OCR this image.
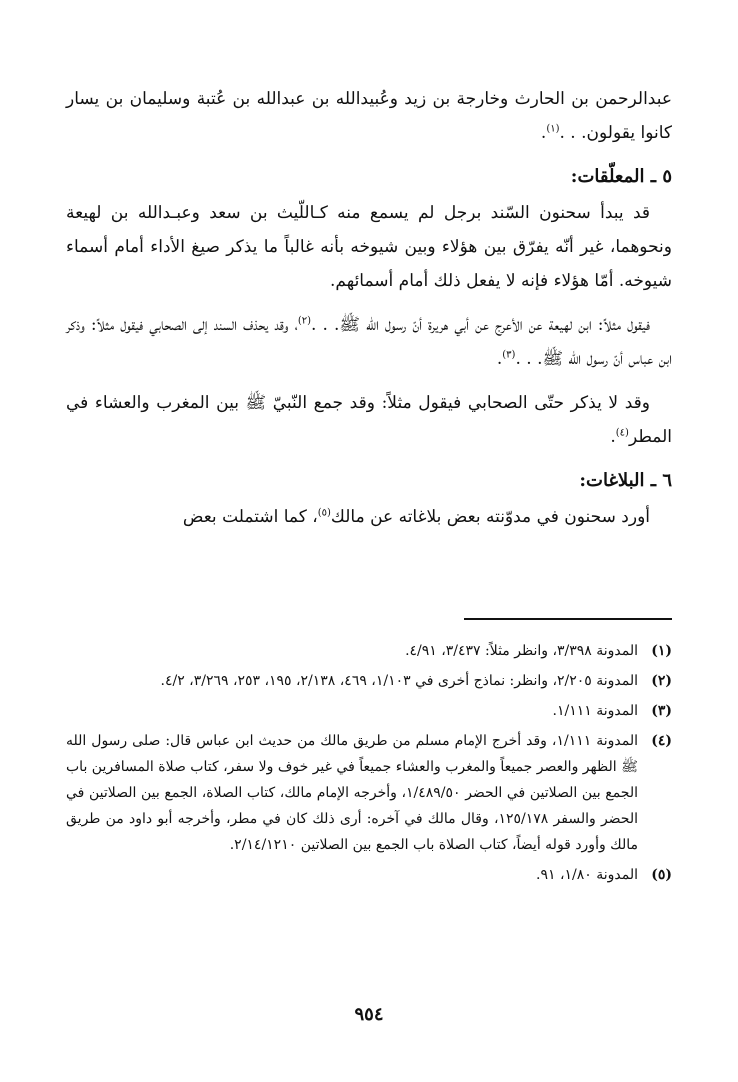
عبدالرحمن بن الحارث وخارجة بن زيد وعُبيدالله بن عبدالله بن عُتبة وسليمان بن يسار كانوا يقولون. . .$^{(١)}$.

٥ ـ المعلّقات:

قد يبدأ سحنون السّند برجل لم يسمع منه كـاللّيث بن سعد وعبـدالله بن لهيعة ونحوهما، غير أنّه يفرّق بين هؤلاء وبين شيوخه بأنه غالباً ما يذكر صيغ الأداء أمام أسماء شيوخه. أمّا هؤلاء فإنه لا يفعل ذلك أمام أسمائهم.

فيقول مثلاً: ابن لهيعة عن الأعرج عن أبي هريرة أنّ رسول الله ﷺ. . .$^{(٢)}$، وقد يحذف السند إلى الصحابي فيقول مثلاً: وذكر ابن عباس أنّ رسول الله ﷺ. . .$^{(٣)}$.

وقد لا يذكر حتّى الصحابي فيقول مثلاً: وقد جمع النّبيّ ﷺ بين المغرب والعشاء في المطر$^{(٤)}$.

٦ ـ البلاغات:

أورد سحنون في مدوّنته بعض بلاغاته عن مالك$^{(٥)}$، كما اشتملت بعض

(١)
المدونة ٣/٣٩٨، وانظر مثلاً: ٣/٤٣٧، ٤/٩١.
(٢)
المدونة ٢/٢٠٥، وانظر: نماذج أخرى في ١/١٠٣، ٤٦٩، ٢/١٣٨، ١٩٥، ٢٥٣، ٣/٢٦٩، ٤/٢.
(٣)
المدونة ١/١١١.
(٤)
المدونة ١/١١١، وقد أخرج الإمام مسلم من طريق مالك من حديث ابن عباس قال: صلى رسول الله ﷺ الظهر والعصر جميعاً والمغرب والعشاء جميعاً في غير خوف ولا سفر، كتاب صلاة المسافرين باب الجمع بين الصلاتين في الحضر ١/٤٨٩/٥٠، وأخرجه الإمام مالك، كتاب الصلاة، الجمع بين الصلاتين في الحضر والسفر ١٢٥/١٧٨، وقال مالك في آخره: أرى ذلك كان في مطر، وأخرجه أبو داود من طريق مالك وأورد قوله أيضاً، كتاب الصلاة باب الجمع بين الصلاتين ٢/١٤/١٢١٠.
(٥)
المدونة ١/٨٠، ٩١.
٩٥٤
